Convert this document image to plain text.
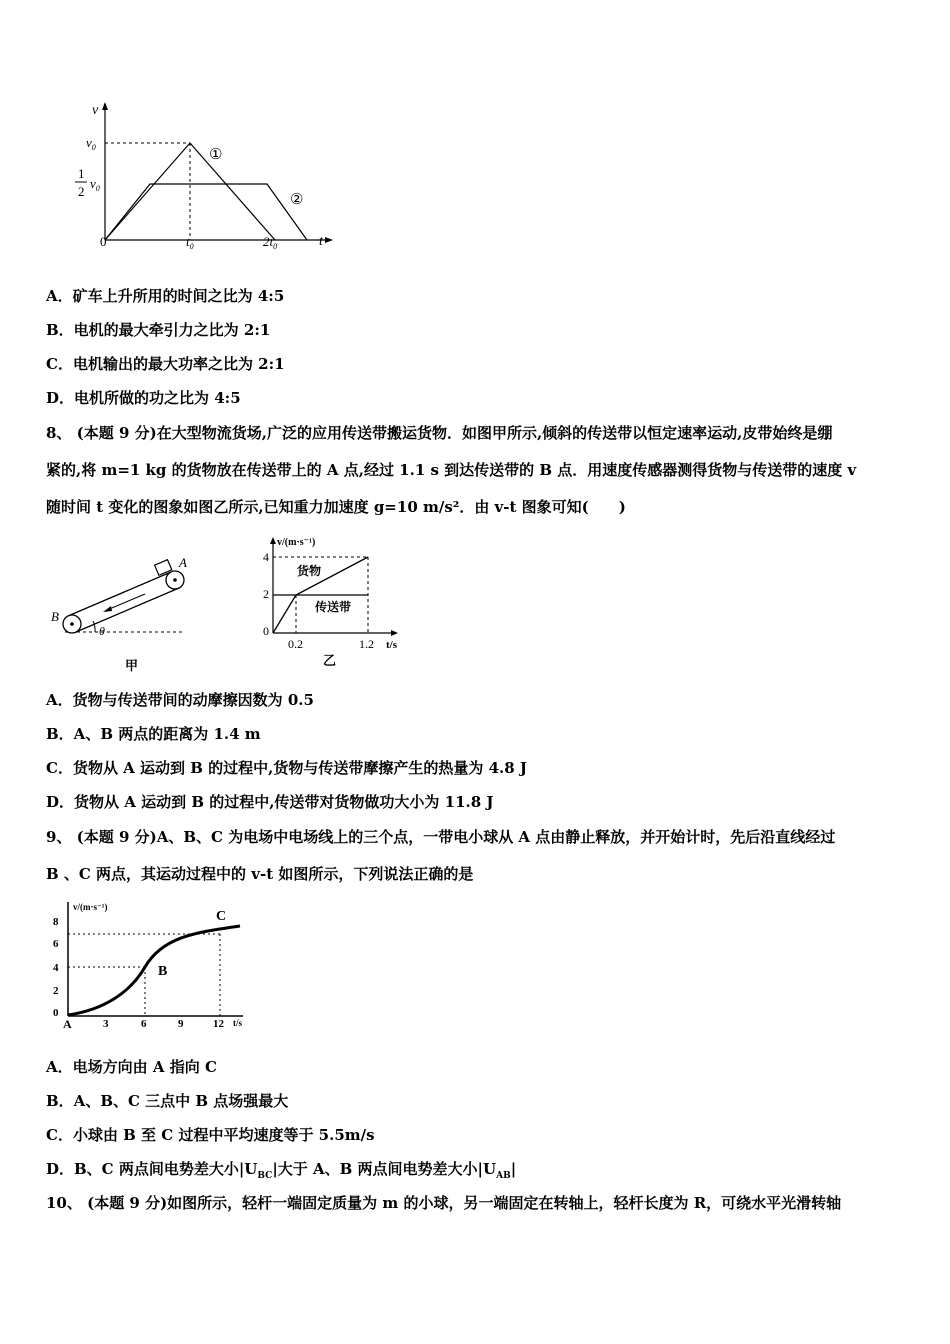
v
t
0
$v_0$
1
2
$v_0$
$t_0$	$2t_0$
①
②
A．矿车上升所用的时间之比为 4:5
B．电机的最大牵引力之比为 2:1
C．电机输出的最大功率之比为 2:1
D．电机所做的功之比为 4:5
8、 (本题 9 分)在大型物流货场,广泛的应用传送带搬运货物．如图甲所示,倾斜的传送带以恒定速率运动,皮带始终是绷
紧的,将 m=1 kg 的货物放在传送带上的 A 点,经过 1.1 s 到达传送带的 B 点．用速度传感器测得货物与传送带的速度 v
随时间 t 变化的图象如图乙所示,已知重力加速度 g=10 m/s²．由 v-t 图象可知(　　)
A
B
θ
甲
v/(m·s⁻¹)
t/s
4
2
0
0.2	1.2
货物
传送带
乙
A．货物与传送带间的动摩擦因数为 0.5
B．A、B 两点的距离为 1.4 m
C．货物从 A 运动到 B 的过程中,货物与传送带摩擦产生的热量为 4.8 J
D．货物从 A 运动到 B 的过程中,传送带对货物做功大小为 11.8 J
9、 (本题 9 分)A、B、C 为电场中电场线上的三个点，一带电小球从 A 点由静止释放，并开始计时，先后沿直线经过
B 、C 两点，其运动过程中的 v-t 如图所示，下列说法正确的是
v/(m·s⁻¹)
t/s
8
6
4
2
0
3	6	9	12
A
B
C
A．电场方向由 A 指向 C
B．A、B、C 三点中 B 点场强最大
C．小球由 B 至 C 过程中平均速度等于 5.5m/s
D．B、C 两点间电势差大小$|U_{BC}|$大于 A、B 两点间电势差大小$|U_{AB}|$
10、 (本题 9 分)如图所示，轻杆一端固定质量为 m 的小球，另一端固定在转轴上，轻杆长度为 R，可绕水平光滑转轴
